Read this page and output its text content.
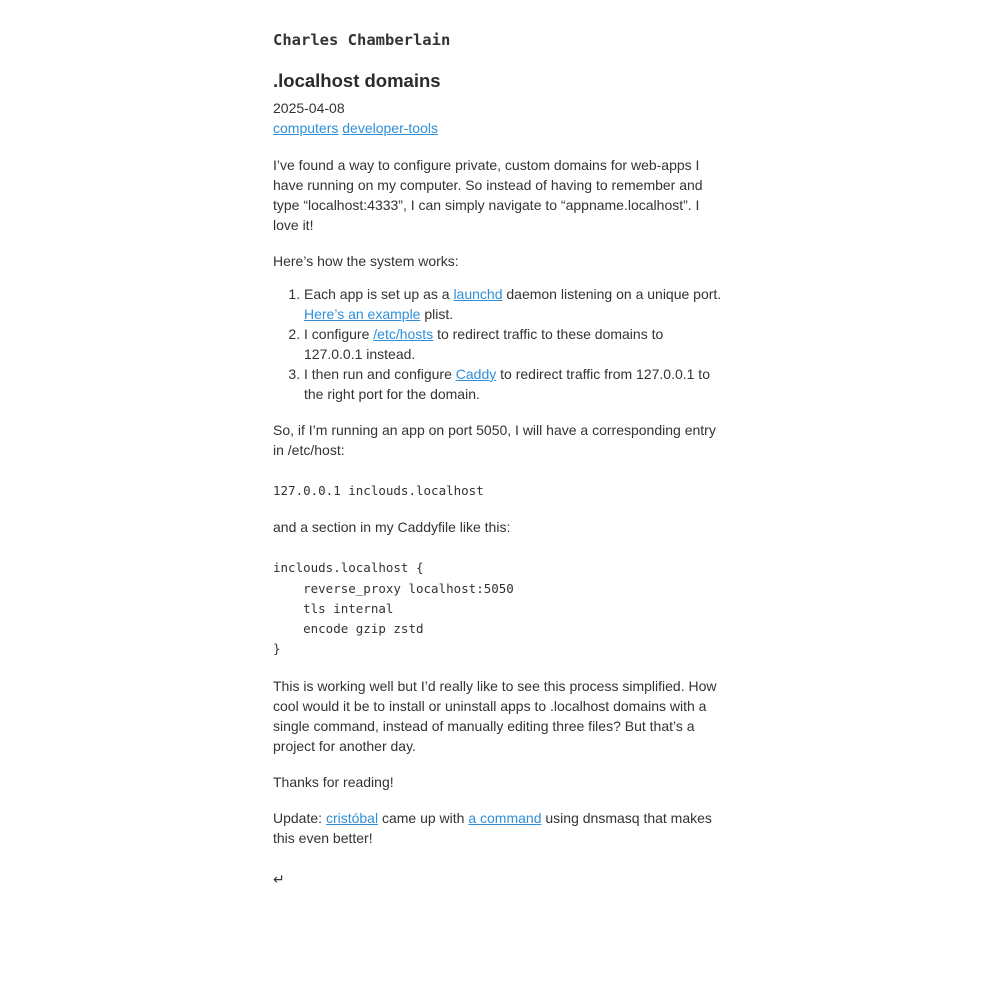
Charles Chamberlain
.localhost domains
2025-04-08
computers developer-tools

I’ve found a way to configure private, custom domains for web-apps I have running on my computer. So instead of having to remember and type “localhost:4333”, I can simply navigate to “appname.localhost”. I love it!

Here’s how the system works:

1. Each app is set up as a launchd daemon listening on a unique port. Here’s an example plist.
2. I configure /etc/hosts to redirect traffic to these domains to 127.0.0.1 instead.
3. I then run and configure Caddy to redirect traffic from 127.0.0.1 to the right port for the domain.

So, if I’m running an app on port 5050, I will have a corresponding entry in /etc/host:

127.0.0.1 inclouds.localhost

and a section in my Caddyfile like this:

inclouds.localhost {
reverse_proxy localhost:5050
tls internal
encode gzip zstd
}

This is working well but I’d really like to see this process simplified. How cool would it be to install or uninstall apps to .localhost domains with a single command, instead of manually editing three files? But that’s a project for another day.

Thanks for reading!

Update: cristóbal came up with a command using dnsmasq that makes this even better!

↵
